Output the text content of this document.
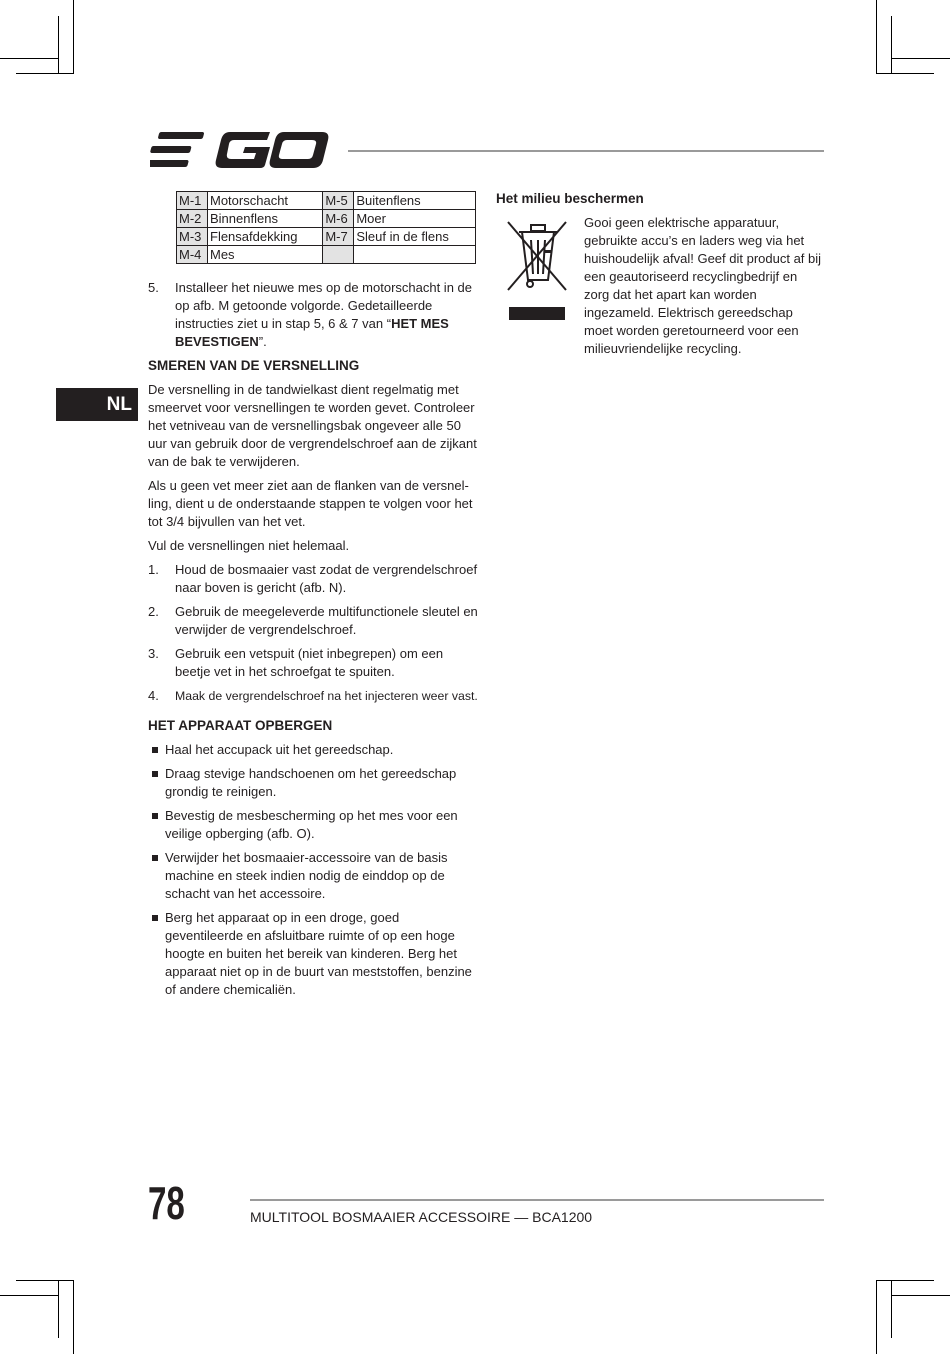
NL
M-1	Motorschacht	M-5	Buitenflens
M-2	Binnenflens	M-6	Moer
M-3	Flensafdekking	M-7	Sleuf in de flens
M-4	Mes		
5. Installeer het nieuwe mes op de motorschacht in de op afb. M getoonde volgorde. Gedetailleerde instructies ziet u in stap 5, 6 & 7 van “HET MES BEVESTIGEN”.
SMEREN VAN DE VERSNELLING

De versnelling in de tandwielkast dient regelmatig met smeervet voor versnellingen te worden gevet. Controleer het vetniveau van de versnellingsbak ongeveer alle 50 uur van gebruik door de vergrendelschroef aan de zijkant van de bak te verwijderen.

Als u geen vet meer ziet aan de flanken van de versnel-ling, dient u de onderstaande stappen te volgen voor het tot 3/4 bijvullen van het vet.

Vul de versnellingen niet helemaal.

1. Houd de bosmaaier vast zodat de vergrendelschroef naar boven is gericht (afb. N).
2. Gebruik de meegeleverde multifunctionele sleutel en verwijder de vergrendelschroef.
3. Gebruik een vetspuit (niet inbegrepen) om een beetje vet in het schroefgat te spuiten.
4. Maak de vergrendelschroef na het injecteren weer vast.
HET APPARAAT OPBERGEN
Haal het accupack uit het gereedschap.
Draag stevige handschoenen om het gereedschap grondig te reinigen.
Bevestig de mesbescherming op het mes voor een veilige opberging (afb. O).
Verwijder het bosmaaier-accessoire van de basis machine en steek indien nodig de einddop op de schacht van het accessoire.
Berg het apparaat op in een droge, goed geventileerde en afsluitbare ruimte of op een hoge hoogte en buiten het bereik van kinderen. Berg het apparaat niet op in de buurt van meststoffen, benzine of andere chemicaliën.
Het milieu beschermen
Gooi geen elektrische apparatuur, gebruikte accu’s en laders weg via het huishoudelijk afval! Geef dit product af bij een geautoriseerd recyclingbedrijf en zorg dat het apart kan worden ingezameld. Elektrisch gereedschap moet worden geretourneerd voor een milieuvriendelijke recycling.
78	MULTITOOL BOSMAAIER ACCESSOIRE — BCA1200
